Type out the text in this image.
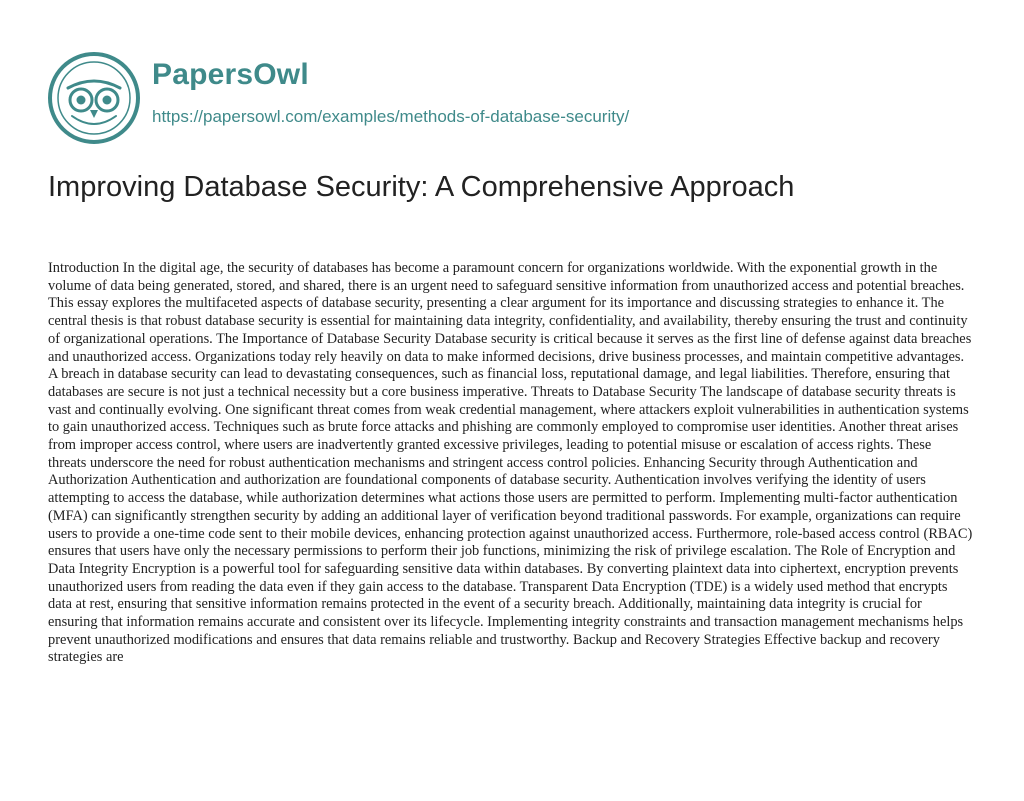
PapersOwl
https://papersowl.com/examples/methods-of-database-security/
Improving Database Security: A Comprehensive Approach

Introduction In the digital age, the security of databases has become a paramount concern for organizations worldwide. With the exponential growth in the volume of data being generated, stored, and shared, there is an urgent need to safeguard sensitive information from unauthorized access and potential breaches. This essay explores the multifaceted aspects of database security, presenting a clear argument for its importance and discussing strategies to enhance it. The central thesis is that robust database security is essential for maintaining data integrity, confidentiality, and availability, thereby ensuring the trust and continuity of organizational operations. The Importance of Database Security Database security is critical because it serves as the first line of defense against data breaches and unauthorized access. Organizations today rely heavily on data to make informed decisions, drive business processes, and maintain competitive advantages. A breach in database security can lead to devastating consequences, such as financial loss, reputational damage, and legal liabilities. Therefore, ensuring that databases are secure is not just a technical necessity but a core business imperative. Threats to Database Security The landscape of database security threats is vast and continually evolving. One significant threat comes from weak credential management, where attackers exploit vulnerabilities in authentication systems to gain unauthorized access. Techniques such as brute force attacks and phishing are commonly employed to compromise user identities. Another threat arises from improper access control, where users are inadvertently granted excessive privileges, leading to potential misuse or escalation of access rights. These threats underscore the need for robust authentication mechanisms and stringent access control policies. Enhancing Security through Authentication and Authorization Authentication and authorization are foundational components of database security. Authentication involves verifying the identity of users attempting to access the database, while authorization determines what actions those users are permitted to perform. Implementing multi-factor authentication (MFA) can significantly strengthen security by adding an additional layer of verification beyond traditional passwords. For example, organizations can require users to provide a one-time code sent to their mobile devices, enhancing protection against unauthorized access. Furthermore, role-based access control (RBAC) ensures that users have only the necessary permissions to perform their job functions, minimizing the risk of privilege escalation. The Role of Encryption and Data Integrity Encryption is a powerful tool for safeguarding sensitive data within databases. By converting plaintext data into ciphertext, encryption prevents unauthorized users from reading the data even if they gain access to the database. Transparent Data Encryption (TDE) is a widely used method that encrypts data at rest, ensuring that sensitive information remains protected in the event of a security breach. Additionally, maintaining data integrity is crucial for ensuring that information remains accurate and consistent over its lifecycle. Implementing integrity constraints and transaction management mechanisms helps prevent unauthorized modifications and ensures that data remains reliable and trustworthy. Backup and Recovery Strategies Effective backup and recovery strategies are
